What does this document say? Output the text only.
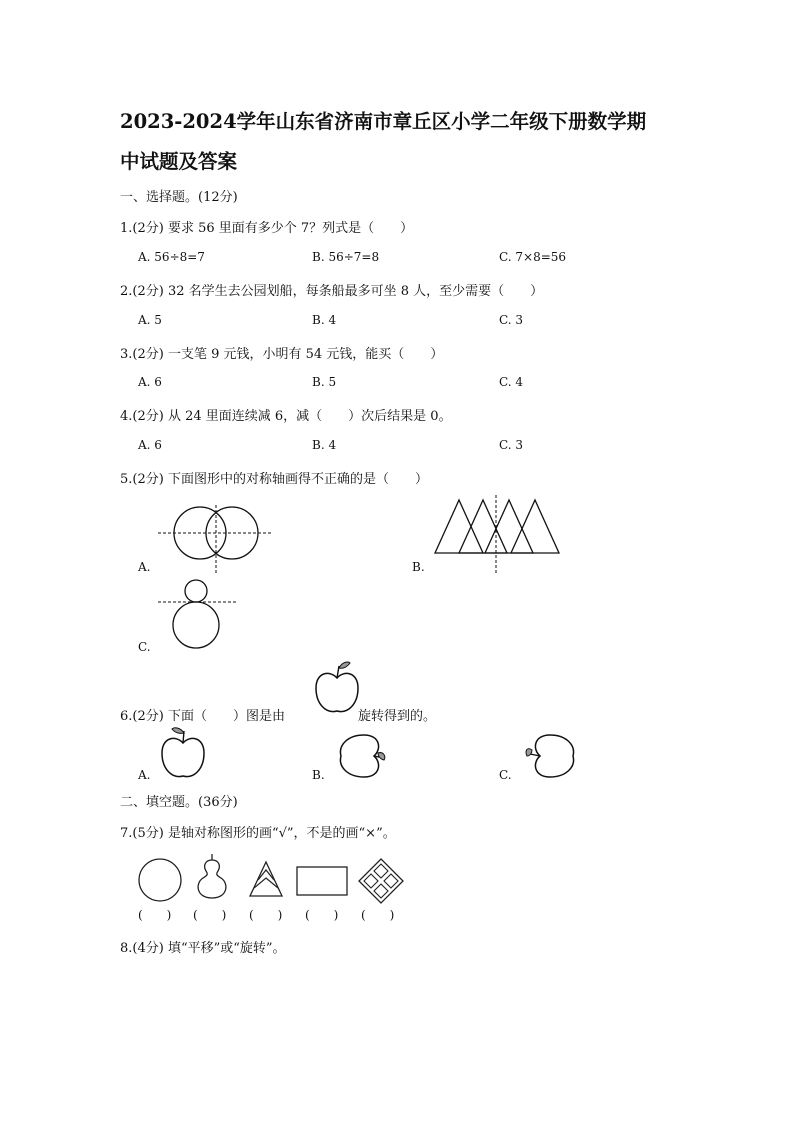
2023-2024学年山东省济南市章丘区小学二年级下册数学期
中试题及答案
一、选择题。(12分)
1.(2分) 要求 56 里面有多少个 7？列式是（　　）
A. 56÷8=7	B. 56÷7=8	C. 7×8=56
2.(2分) 32 名学生去公园划船，每条船最多可坐 8 人，至少需要（　　）
A. 5	B. 4	C. 3
3.(2分) 一支笔 9 元钱，小明有 54 元钱，能买（　　）
A. 6	B. 5	C. 4
4.(2分) 从 24 里面连续减 6，减（　　）次后结果是 0。
A. 6	B. 4	C. 3
5.(2分) 下面图形中的对称轴画得不正确的是（　　）
A.	B.
C.
6.(2分) 下面（　　）图是由	旋转得到的。
A.	B.	C.
二、填空题。(36分)
7.(5分) 是轴对称图形的画“√”，不是的画“×”。
(　　) (　　) (　　) (　　) (　　)
8.(4分) 填“平移”或“旋转”。
